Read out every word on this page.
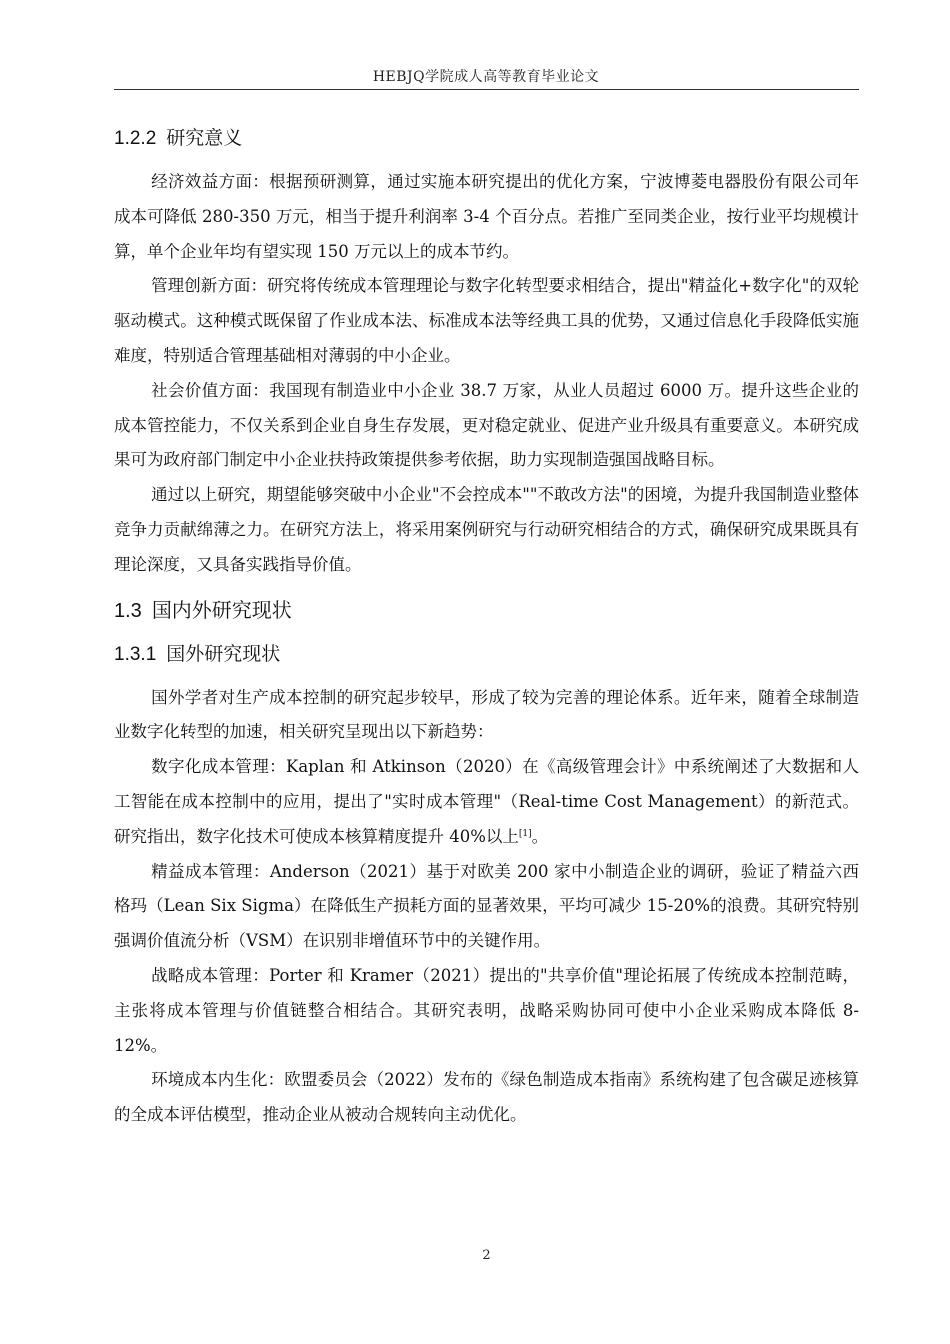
HEBJQ学院成人高等教育毕业论文
1.2.2 研究意义

经济效益方面：根据预研测算，通过实施本研究提出的优化方案，宁波博菱电器股份有限公司年成本可降低 280-350 万元，相当于提升利润率 3-4 个百分点。若推广至同类企业，按行业平均规模计算，单个企业年均有望实现 150 万元以上的成本节约。

管理创新方面：研究将传统成本管理理论与数字化转型要求相结合，提出"精益化+数字化"的双轮驱动模式。这种模式既保留了作业成本法、标准成本法等经典工具的优势，又通过信息化手段降低实施难度，特别适合管理基础相对薄弱的中小企业。

社会价值方面：我国现有制造业中小企业 38.7 万家，从业人员超过 6000 万。提升这些企业的成本管控能力，不仅关系到企业自身生存发展，更对稳定就业、促进产业升级具有重要意义。本研究成果可为政府部门制定中小企业扶持政策提供参考依据，助力实现制造强国战略目标。

通过以上研究，期望能够突破中小企业"不会控成本""不敢改方法"的困境，为提升我国制造业整体竞争力贡献绵薄之力。在研究方法上，将采用案例研究与行动研究相结合的方式，确保研究成果既具有理论深度，又具备实践指导价值。

1.3 国内外研究现状
1.3.1 国外研究现状

国外学者对生产成本控制的研究起步较早，形成了较为完善的理论体系。近年来，随着全球制造业数字化转型的加速，相关研究呈现出以下新趋势：

数字化成本管理：Kaplan 和 Atkinson（2020）在《高级管理会计》中系统阐述了大数据和人工智能在成本控制中的应用，提出了"实时成本管理"（Real-time Cost Management）的新范式。研究指出，数字化技术可使成本核算精度提升 40%以上[1]。

精益成本管理：Anderson（2021）基于对欧美 200 家中小制造企业的调研，验证了精益六西格玛（Lean Six Sigma）在降低生产损耗方面的显著效果，平均可减少 15-20%的浪费。其研究特别强调价值流分析（VSM）在识别非增值环节中的关键作用。

战略成本管理：Porter 和 Kramer（2021）提出的"共享价值"理论拓展了传统成本控制范畴，主张将成本管理与价值链整合相结合。其研究表明，战略采购协同可使中小企业采购成本降低 8-12%。

环境成本内生化：欧盟委员会（2022）发布的《绿色制造成本指南》系统构建了包含碳足迹核算的全成本评估模型，推动企业从被动合规转向主动优化。

2
